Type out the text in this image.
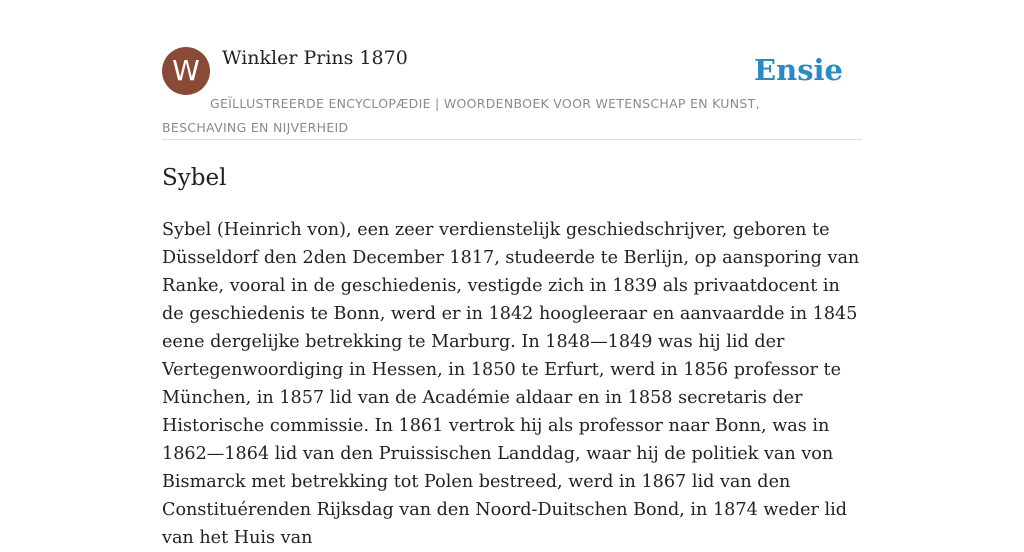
W	Winkler Prins 1870	Ensie
GEÏLLUSTREERDE ENCYCLOPÆDIE | WOORDENBOEK VOOR WETENSCHAP EN KUNST, BESCHAVING EN NIJVERHEID
Sybel

Sybel (Heinrich von), een zeer verdienstelijk geschiedschrijver, geboren te Düsseldorf den 2den December 1817, studeerde te Berlijn, op aansporing van Ranke, vooral in de geschiedenis, vestigde zich in 1839 als privaatdocent in de geschiedenis te Bonn, werd er in 1842 hoogleeraar en aanvaardde in 1845 eene dergelijke betrekking te Marburg. In 1848—1849 was hij lid der Vertegenwoordiging in Hessen, in 1850 te Erfurt, werd in 1856 professor te München, in 1857 lid van de Académie aldaar en in 1858 secretaris der Historische commissie. In 1861 vertrok hij als professor naar Bonn, was in 1862—1864 lid van den Pruissischen Landdag, waar hij de politiek van von Bismarck met betrekking tot Polen bestreed, werd in 1867 lid van den Constituérenden Rijksdag van den Noord-Duitschen Bond, in 1874 weder lid van het Huis van
